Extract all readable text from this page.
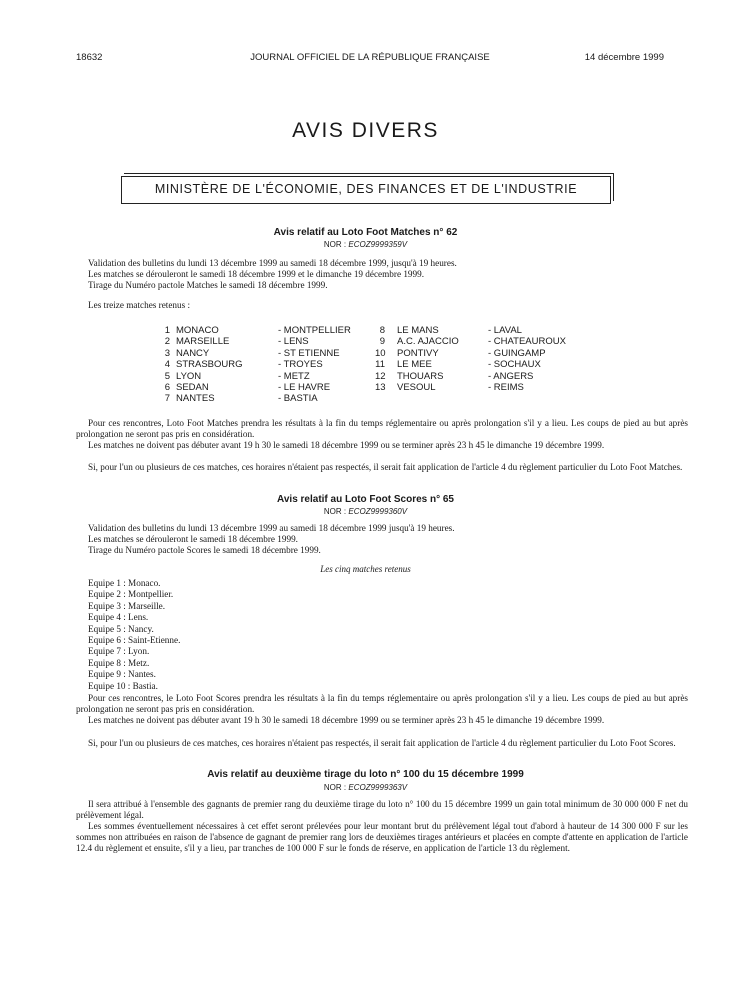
18632	JOURNAL OFFICIEL DE LA RÉPUBLIQUE FRANÇAISE	14 décembre 1999
AVIS DIVERS
MINISTÈRE DE L'ÉCONOMIE, DES FINANCES ET DE L'INDUSTRIE
Avis relatif au Loto Foot Matches n° 62
NOR : ECOZ9999359V
Validation des bulletins du lundi 13 décembre 1999 au samedi 18 décembre 1999, jusqu'à 19 heures.
Les matches se dérouleront le samedi 18 décembre 1999 et le dimanche 19 décembre 1999.
Tirage du Numéro pactole Matches le samedi 18 décembre 1999.
Les treize matches retenus :
1 MONACO	- MONTPELLIER
2 MARSEILLE	- LENS
3 NANCY	- ST ETIENNE
4 STRASBOURG	- TROYES
5 LYON	- METZ
6 SEDAN	- LE HAVRE
7 NANTES	- BASTIA
8 LE MANS	- LAVAL
9 A.C. AJACCIO	- CHATEAUROUX
10 PONTIVY	- GUINGAMP
11 LE MEE	- SOCHAUX
12 THOUARS	- ANGERS
13 VESOUL	- REIMS

Pour ces rencontres, Loto Foot Matches prendra les résultats à la fin du temps réglementaire ou après prolongation s'il y a lieu. Les coups de pied au but après prolongation ne seront pas pris en considération.

Les matches ne doivent pas débuter avant 19 h 30 le samedi 18 décembre 1999 ou se terminer après 23 h 45 le dimanche 19 décembre 1999.

Si, pour l'un ou plusieurs de ces matches, ces horaires n'étaient pas respectés, il serait fait application de l'article 4 du règlement particulier du Loto Foot Matches.

Avis relatif au Loto Foot Scores n° 65
NOR : ECOZ9999360V
Validation des bulletins du lundi 13 décembre 1999 au samedi 18 décembre 1999 jusqu'à 19 heures.
Les matches se dérouleront le samedi 18 décembre 1999.
Tirage du Numéro pactole Scores le samedi 18 décembre 1999.
Les cinq matches retenus
Equipe 1 : Monaco.
Equipe 2 : Montpellier.
Equipe 3 : Marseille.
Equipe 4 : Lens.
Equipe 5 : Nancy.
Equipe 6 : Saint-Etienne.
Equipe 7 : Lyon.
Equipe 8 : Metz.
Equipe 9 : Nantes.
Equipe 10 : Bastia.

Pour ces rencontres, le Loto Foot Scores prendra les résultats à la fin du temps réglementaire ou après prolongation s'il y a lieu. Les coups de pied au but après prolongation ne seront pas pris en considération.

Les matches ne doivent pas débuter avant 19 h 30 le samedi 18 décembre 1999 ou se terminer après 23 h 45 le dimanche 19 décembre 1999.

Si, pour l'un ou plusieurs de ces matches, ces horaires n'étaient pas respectés, il serait fait application de l'article 4 du règlement particulier du Loto Foot Scores.

Avis relatif au deuxième tirage du loto n° 100 du 15 décembre 1999
NOR : ECOZ9999363V

Il sera attribué à l'ensemble des gagnants de premier rang du deuxième tirage du loto n° 100 du 15 décembre 1999 un gain total minimum de 30 000 000 F net du prélèvement légal.

Les sommes éventuellement nécessaires à cet effet seront prélevées pour leur montant brut du prélèvement légal tout d'abord à hauteur de 14 300 000 F sur les sommes non attribuées en raison de l'absence de gagnant de premier rang lors de deuxièmes tirages antérieurs et placées en compte d'attente en application de l'article 12.4 du règlement et ensuite, s'il y a lieu, par tranches de 100 000 F sur le fonds de réserve, en application de l'article 13 du règlement.
